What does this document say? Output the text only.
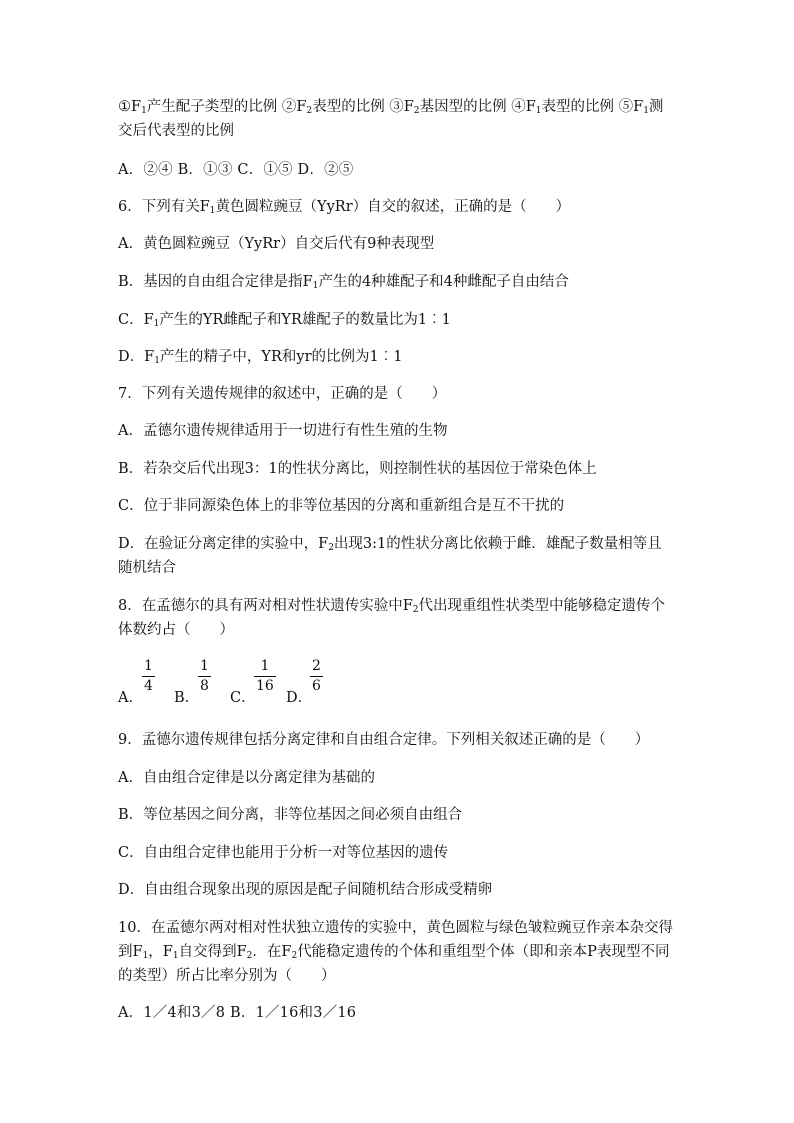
$①F_1$产生配子类型的比例 $②F_2$表型的比例 $③F_2$基因型的比例 $④F_1$表型的比例 $⑤F_1$测
交后代表型的比例
A．②④ B．①③ C．①⑤ D．②⑤
6．下列有关$F_1$黄色圆粒豌豆（YyRr）自交的叙述，正确的是（　　）
A．黄色圆粒豌豆（YyRr）自交后代有9种表现型
B．基因的自由组合定律是指$F_1$产生的4种雄配子和4种雌配子自由结合
C．$F_1$产生的YR雌配子和YR雄配子的数量比为1︰1
D．$F_1$产生的精子中，YR和yr的比例为1︰1
7．下列有关遗传规律的叙述中，正确的是（　　）
A．孟德尔遗传规律适用于一切进行有性生殖的生物
B．若杂交后代出现3：1的性状分离比，则控制性状的基因位于常染色体上
C．位于非同源染色体上的非等位基因的分离和重新组合是互不干扰的
D．在验证分离定律的实验中，$F_2$出现3:1的性状分离比依赖于雌．雄配子数量相等且
随机结合
8．在孟德尔的具有两对相对性状遗传实验中$F_2$代出现重组性状类型中能够稳定遗传个
体数约占（　　）
A．
1
4
B．
1
8
C．
1
16
D．
2
6
9．孟德尔遗传规律包括分离定律和自由组合定律。下列相关叙述正确的是（　　）
A．自由组合定律是以分离定律为基础的
B．等位基因之间分离，非等位基因之间必须自由组合
C．自由组合定律也能用于分析一对等位基因的遗传
D．自由组合现象出现的原因是配子间随机结合形成受精卵
10．在孟德尔两对相对性状独立遗传的实验中，黄色圆粒与绿色皱粒豌豆作亲本杂交得
到$F_1$，$F_1$自交得到$F_2$．在$F_2$代能稳定遗传的个体和重组型个体（即和亲本P表现型不同
的类型）所占比率分别为（　　）
A．1／4和3／8 B．1／16和3／16
